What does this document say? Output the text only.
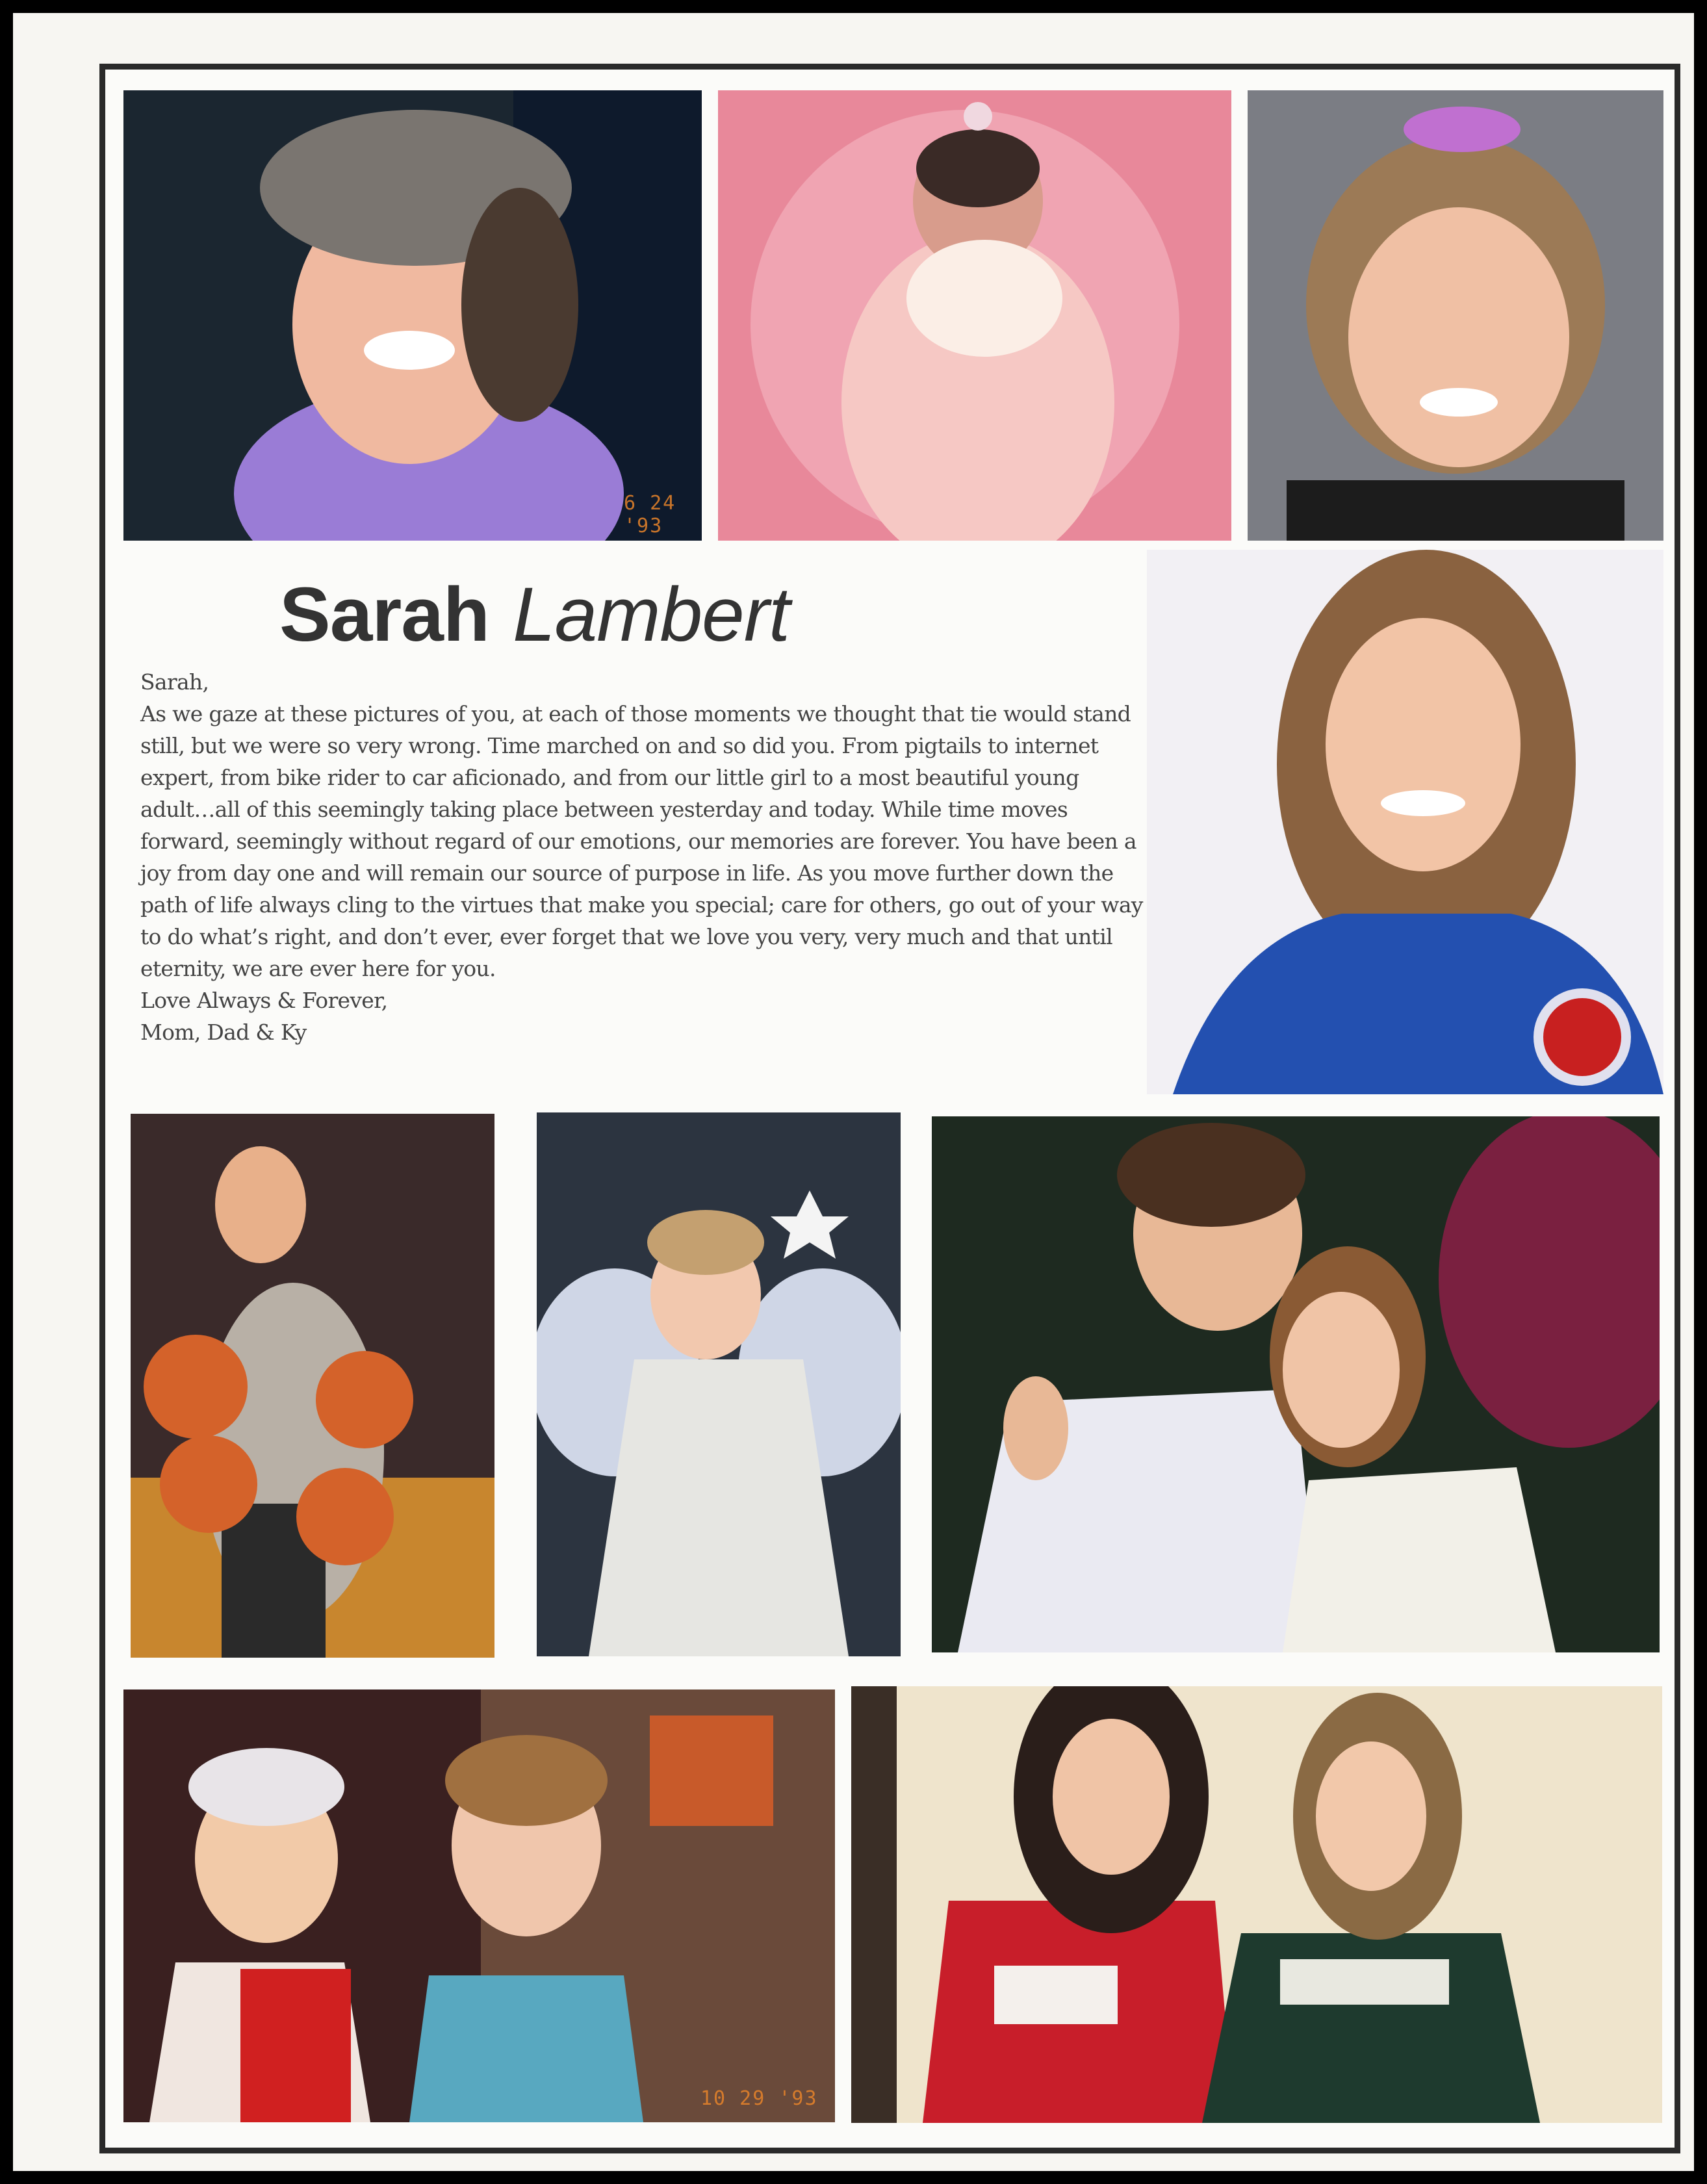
6 24 '93
Sarah Lambert

Sarah,

As we gaze at these pictures of you, at each of those moments we thought that tie would stand still, but we were so very wrong. Time marched on and so did you. From pigtails to internet expert, from bike rider to car aficionado, and from our little girl to a most beautiful young adult…all of this seemingly taking place between yesterday and today. While time moves forward, seemingly without regard of our emotions, our memories are forever. You have been a joy from day one and will remain our source of purpose in life. As you move further down the path of life always cling to the virtues that make you special; care for others, go out of your way to do what’s right, and don’t ever, ever forget that we love you very, very much and that until eternity, we are ever here for you.

Love Always & Forever,

Mom, Dad & Ky

10 29 '93
